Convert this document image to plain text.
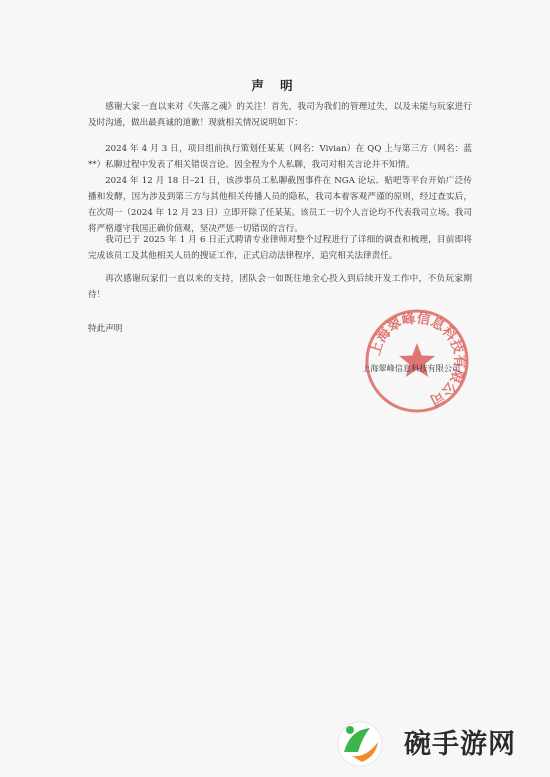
声 明
感谢大家一直以来对《失落之魂》的关注！首先，我司为我们的管理过失，以及未能与玩家进行及时沟通，做出最真诚的道歉！现就相关情况说明如下：
2024 年 4 月 3 日，项目组前执行策划任某某（网名：Vivian）在 QQ 上与第三方（网名：蓝**）私聊过程中发表了相关错误言论。因全程为个人私聊，我司对相关言论并不知情。
2024 年 12 月 18 日–21 日，该涉事员工私聊截图事件在 NGA 论坛、贴吧等平台开始广泛传播和发酵，因为涉及到第三方与其他相关传播人员的隐私，我司本着客观严谨的原则，经过查实后，在次周一（2024 年 12 月 23 日）立即开除了任某某。该员工一切个人言论均不代表我司立场。我司将严格遵守我国正确价值观，坚决严惩一切错误的言行。
我司已于 2025 年 1 月 6 日正式聘请专业律师对整个过程进行了详细的调查和梳理，目前即将完成该员工及其他相关人员的搜证工作，正式启动法律程序，追究相关法律责任。
再次感谢玩家们一直以来的支持，团队会一如既往地全心投入到后续开发工作中，不负玩家期待！
特此声明
上海翠峰信息科技有限公司
上海翠峰信息科技有限公司
碗手游网
